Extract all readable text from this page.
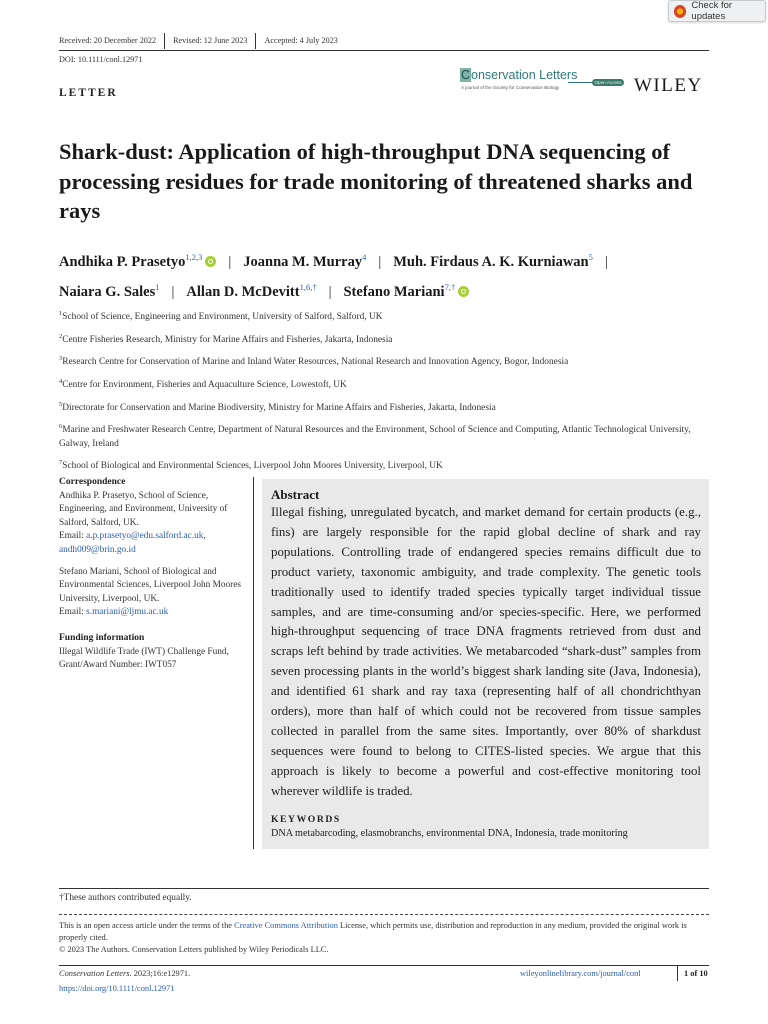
Check for updates
Received: 20 December 2022	Revised: 12 June 2023	Accepted: 4 July 2023
DOI: 10.1111/conl.12971
LETTER
Conservation Letters
A journal of the Society for Conservation Biology
Open Access WILEY
Shark-dust: Application of high-throughput DNA sequencing of processing residues for trade monitoring of threatened sharks and rays
Andhika P. Prasetyo$^{1,2,3}$ | Joanna M. Murray$^4$ | Muh. Firdaus A. K. Kurniawan$^5$ |
Naiara G. Sales$^1$ | Allan D. McDevitt$^{1,6,\dagger}$ | Stefano Mariani$^{7,\dagger}$
$^1$School of Science, Engineering and Environment, University of Salford, Salford, UK
$^2$Centre Fisheries Research, Ministry for Marine Affairs and Fisheries, Jakarta, Indonesia
$^3$Research Centre for Conservation of Marine and Inland Water Resources, National Research and Innovation Agency, Bogor, Indonesia
$^4$Centre for Environment, Fisheries and Aquaculture Science, Lowestoft, UK
$^5$Directorate for Conservation and Marine Biodiversity, Ministry for Marine Affairs and Fisheries, Jakarta, Indonesia
$^6$Marine and Freshwater Research Centre, Department of Natural Resources and the Environment, School of Science and Computing, Atlantic Technological University, Galway, Ireland
$^7$School of Biological and Environmental Sciences, Liverpool John Moores University, Liverpool, UK
Correspondence

Andhika P. Prasetyo, School of Science, Engineering, and Environment, University of Salford, Salford, UK.
Email: a.p.prasetyo@edu.salford.ac.uk,
andh009@brin.go.id

Stefano Mariani, School of Biological and Environmental Sciences, Liverpool John Moores University, Liverpool, UK.
Email: s.mariani@ljmu.ac.uk

Funding information

Illegal Wildlife Trade (IWT) Challenge Fund, Grant/Award Number: IWT057

Abstract
Illegal fishing, unregulated bycatch, and market demand for certain products (e.g., fins) are largely responsible for the rapid global decline of shark and ray populations. Controlling trade of endangered species remains difficult due to product variety, taxonomic ambiguity, and trade complexity. The genetic tools traditionally used to identify traded species typically target individual tissue samples, and are time-consuming and/or species-specific. Here, we performed high-throughput sequencing of trace DNA fragments retrieved from dust and scraps left behind by trade activities. We metabarcoded “shark-dust” samples from seven processing plants in the world’s biggest shark landing site (Java, Indonesia), and identified 61 shark and ray taxa (representing half of all chondrichthyan orders), more than half of which could not be recovered from tissue samples collected in parallel from the same sites. Importantly, over 80% of sharkdust sequences were found to belong to CITES-listed species. We argue that this approach is likely to become a powerful and cost-effective monitoring tool wherever wildlife is traded.
KEYWORDS
DNA metabarcoding, elasmobranchs, environmental DNA, Indonesia, trade monitoring
†These authors contributed equally.
This is an open access article under the terms of the Creative Commons Attribution License, which permits use, distribution and reproduction in any medium, provided the original work is properly cited.
© 2023 The Authors. Conservation Letters published by Wiley Periodicals LLC.
Conservation Letters. 2023;16:e12971.
https://doi.org/10.1111/conl.12971
wileyonlinelibrary.com/journal/conl	1 of 10
